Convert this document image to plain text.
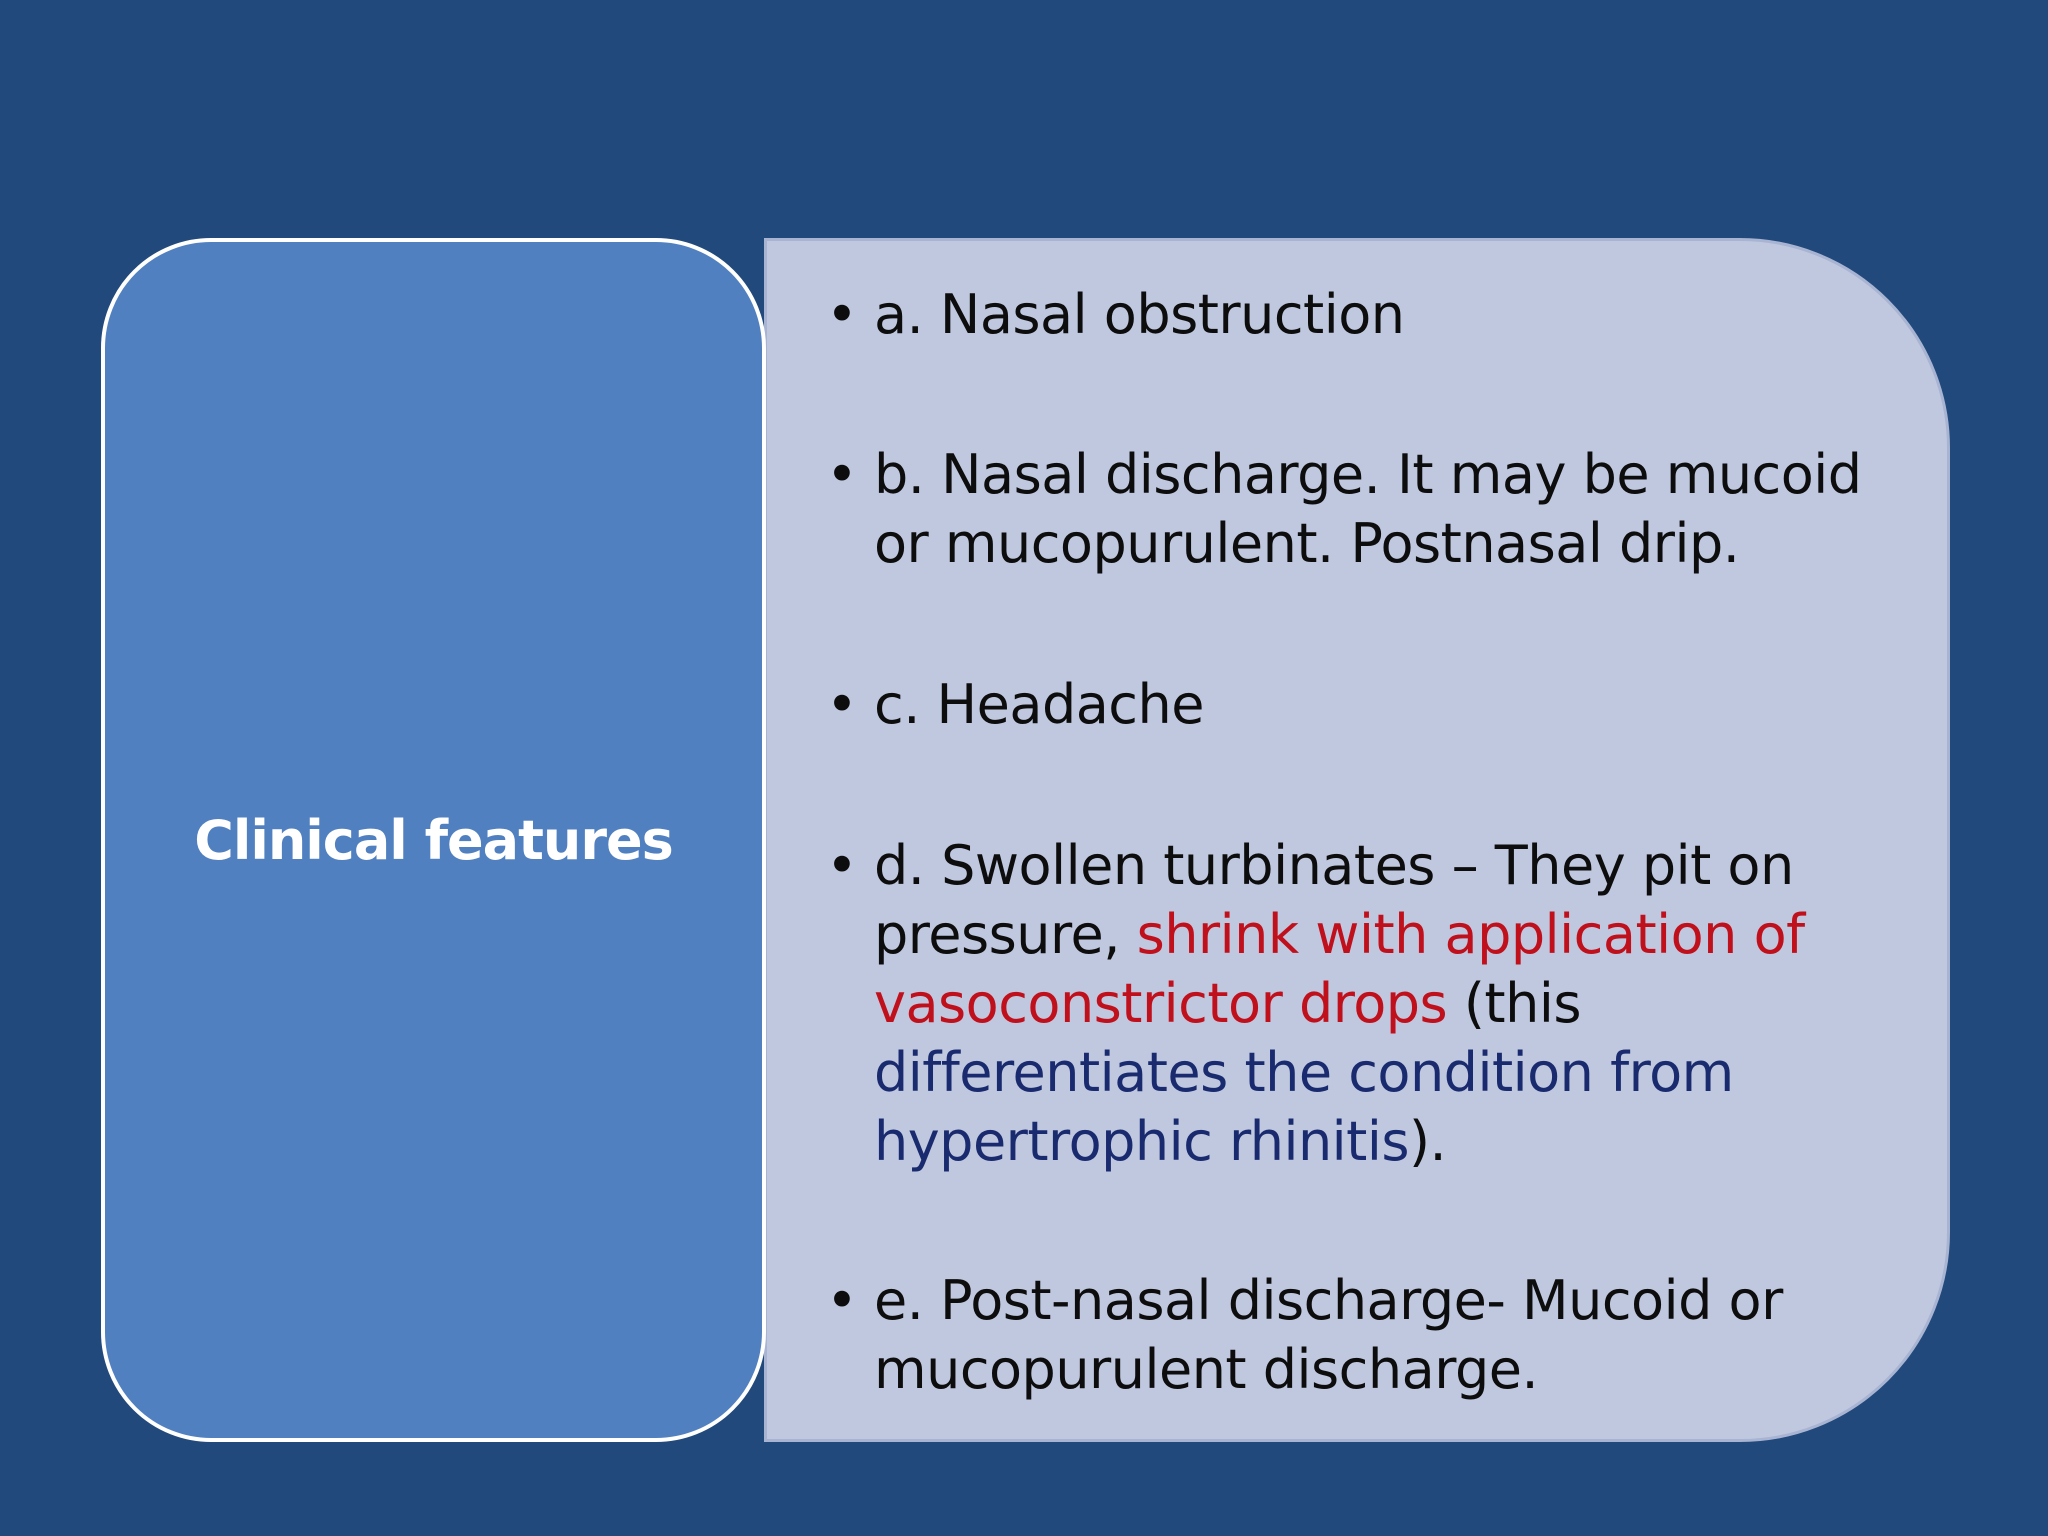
Clinical features
• a. Nasal obstruction
• b. Nasal discharge. It may be mucoid or mucopurulent. Postnasal drip.
• c. Headache
• d. Swollen turbinates – They pit on pressure, shrink with application of vasoconstrictor drops (this differentiates the condition from hypertrophic rhinitis).
• e. Post-nasal discharge- Mucoid or mucopurulent discharge.
